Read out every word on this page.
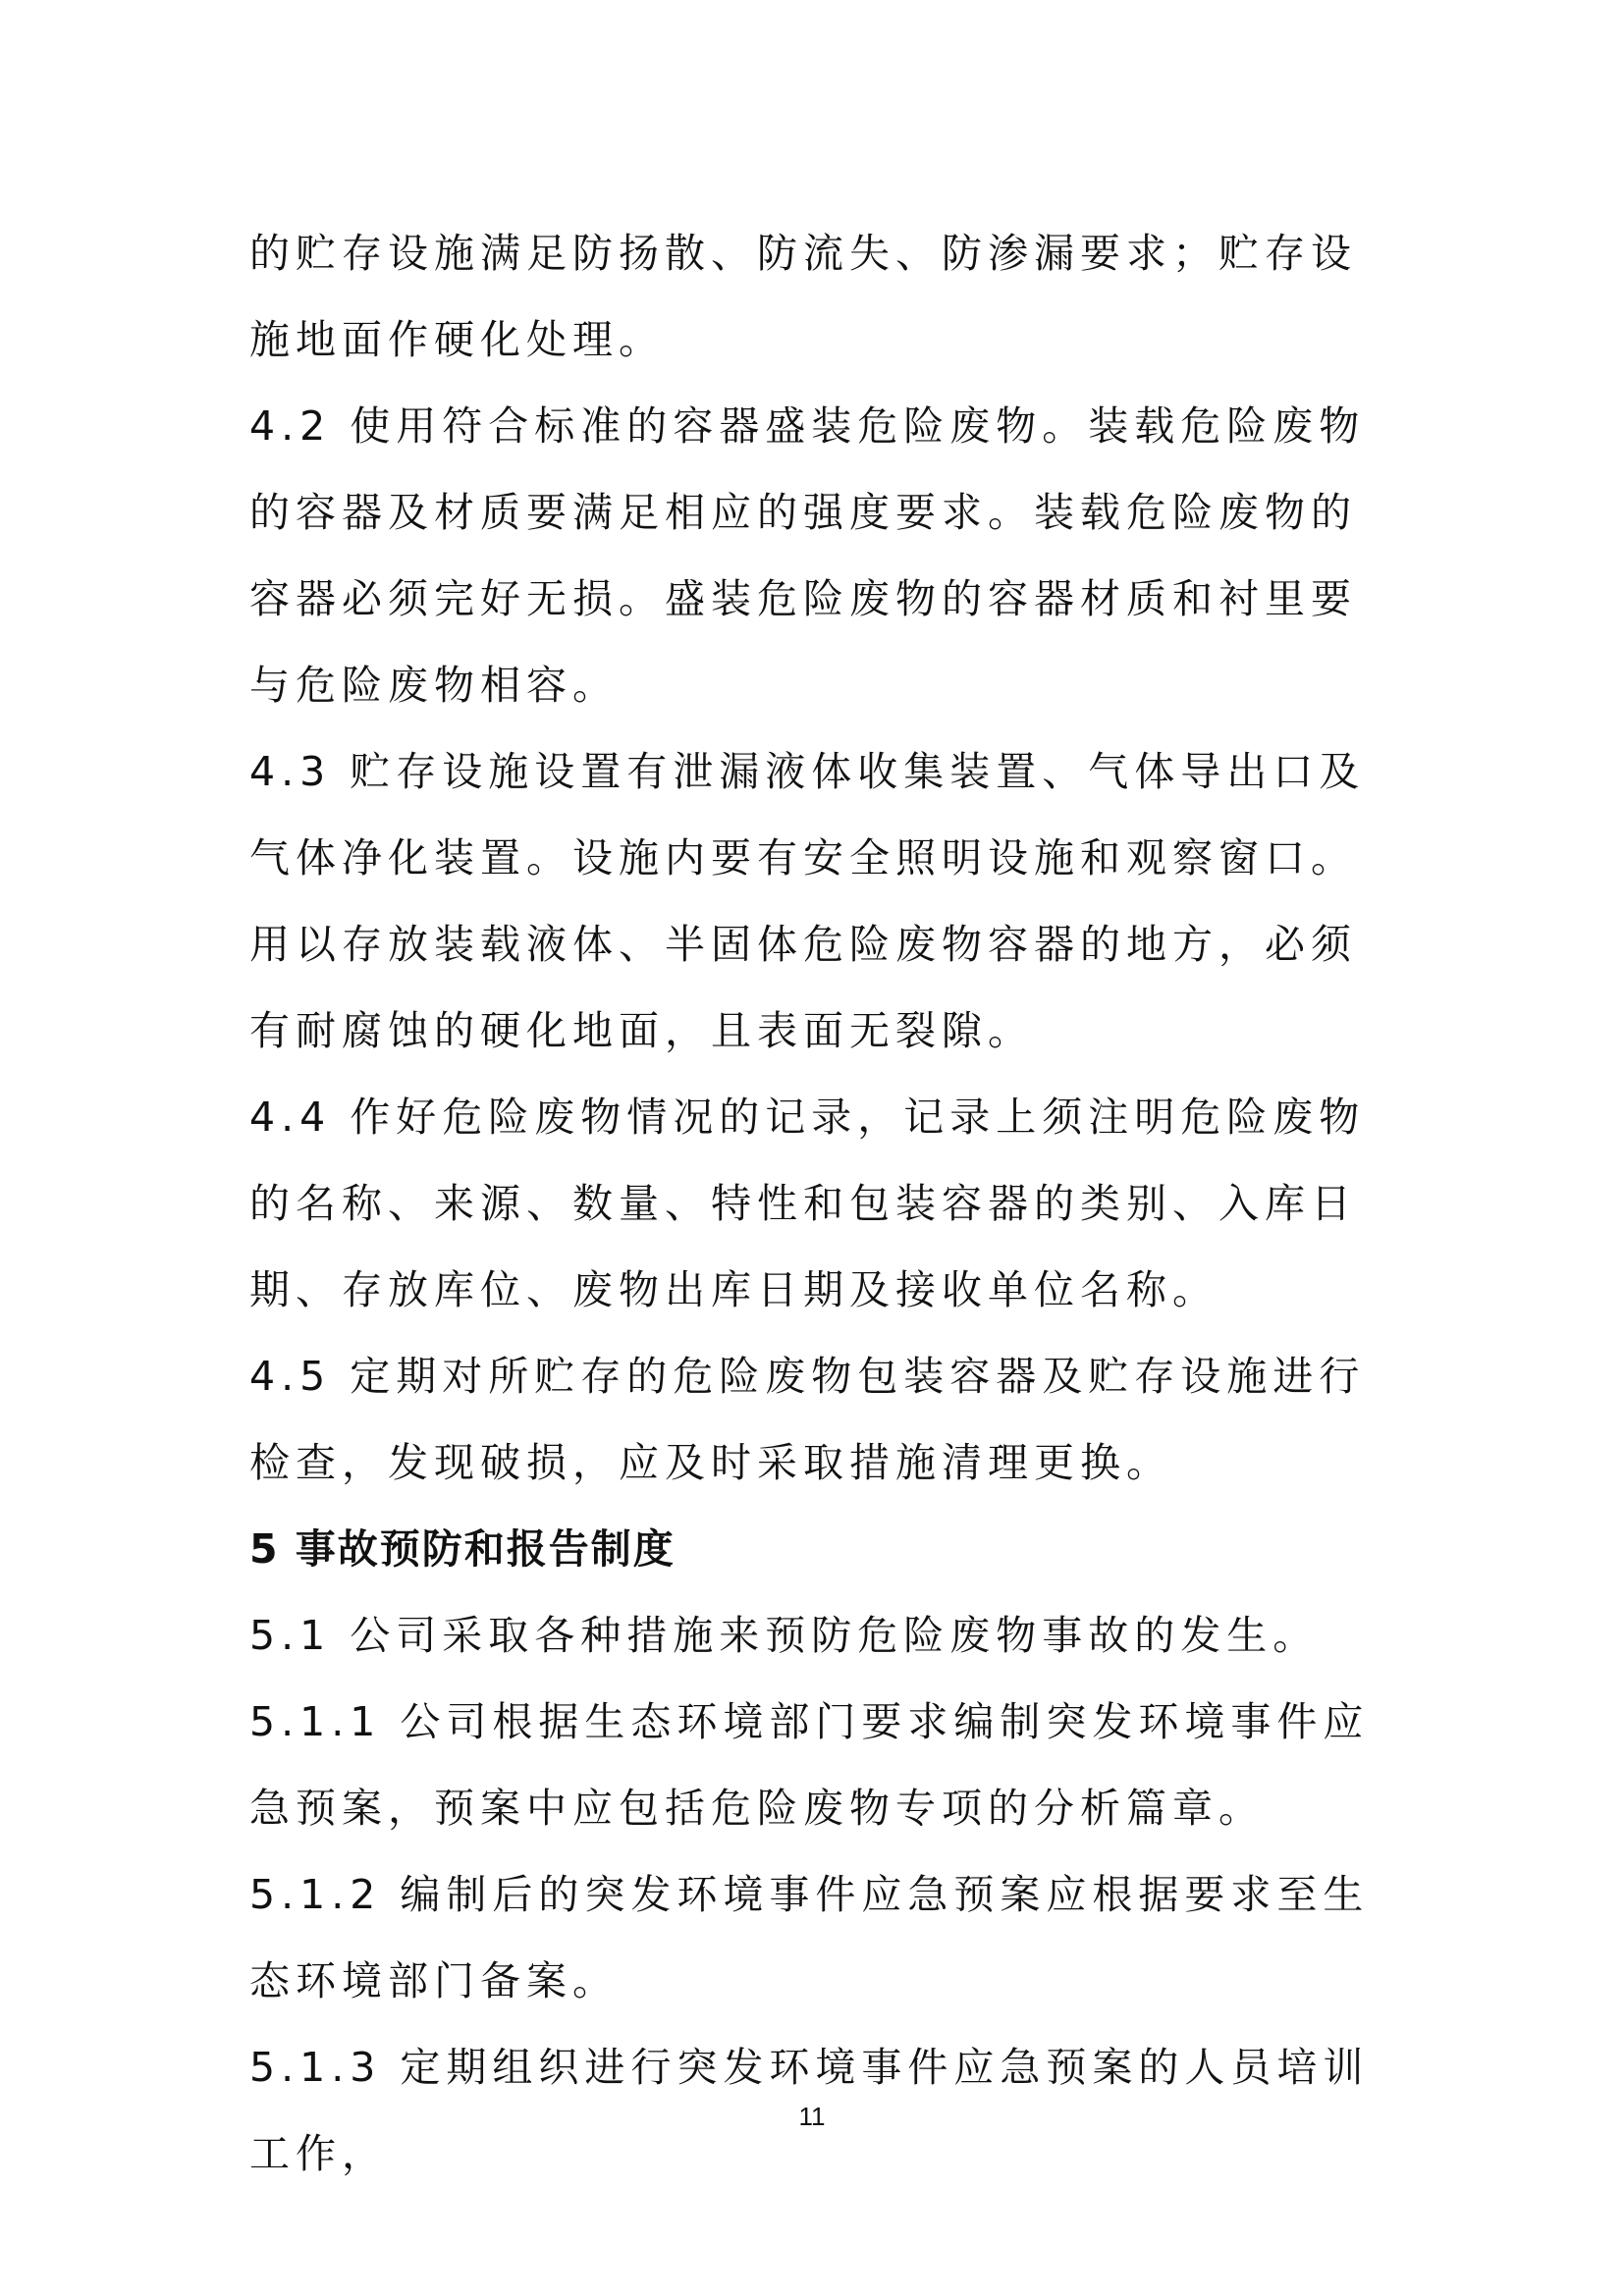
的贮存设施满足防扬散、防流失、防渗漏要求；贮存设施地面作硬化处理。

4.2 使用符合标准的容器盛装危险废物。装载危险废物的容器及材质要满足相应的强度要求。装载危险废物的容器必须完好无损。盛装危险废物的容器材质和衬里要与危险废物相容。

4.3 贮存设施设置有泄漏液体收集装置、气体导出口及气体净化装置。设施内要有安全照明设施和观察窗口。用以存放装载液体、半固体危险废物容器的地方，必须有耐腐蚀的硬化地面，且表面无裂隙。

4.4 作好危险废物情况的记录，记录上须注明危险废物的名称、来源、数量、特性和包装容器的类别、入库日期、存放库位、废物出库日期及接收单位名称。

4.5 定期对所贮存的危险废物包装容器及贮存设施进行检查，发现破损，应及时采取措施清理更换。

5 事故预防和报告制度

5.1 公司采取各种措施来预防危险废物事故的发生。

5.1.1 公司根据生态环境部门要求编制突发环境事件应急预案，预案中应包括危险废物专项的分析篇章。

5.1.2 编制后的突发环境事件应急预案应根据要求至生态环境部门备案。

5.1.3 定期组织进行突发环境事件应急预案的人员培训工作，

11
